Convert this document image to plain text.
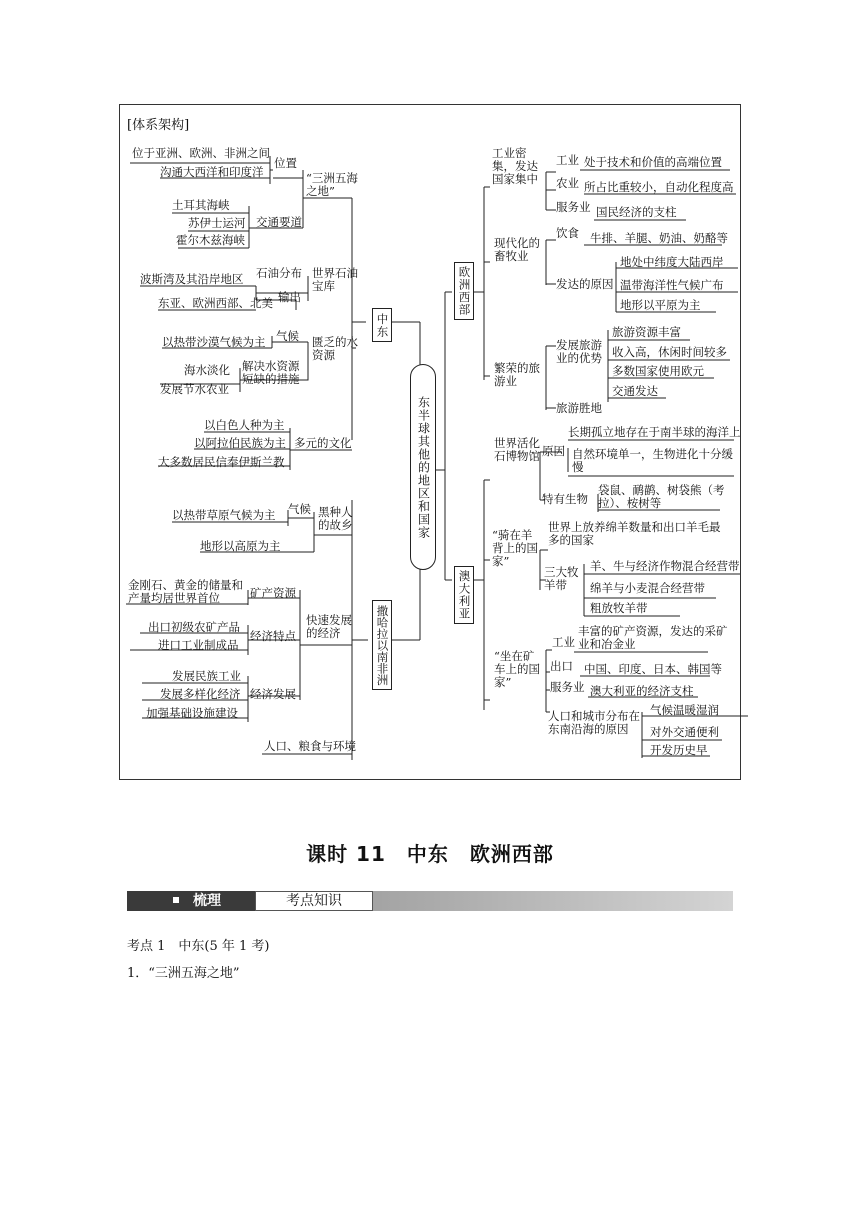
[体系架构]
东半球其他的地区和国家
中东
位于亚洲、欧洲、非洲之间
沟通大西洋和印度洋
位置
“三洲五海之地”
土耳其海峡
苏伊士运河
霍尔木兹海峡
交通要道
波斯湾及其沿岸地区 石油分布 世界石油宝库
东亚、欧洲西部、北美 输出
以热带沙漠气候为主 气候 匮乏的水资源
海水淡化
发展节水农业
解决水资源短缺的措施
以白色人种为主
以阿拉伯民族为主
大多数居民信奉伊斯兰教
多元的文化
撒哈拉以南非洲
以热带草原气候为主 气候 黑种人的故乡
地形以高原为主
金刚石、黄金的储量和产量均居世界首位	矿产资源
出口初级农矿产品
进口工业制成品
经济特点
快速发展的经济
发展民族工业
发展多样化经济
加强基础设施建设
经济发展
人口、粮食与环境
欧洲西部
工业密集，发达国家集中
工业 处于技术和价值的高端位置
农业 所占比重较小，自动化程度高
服务业 国民经济的支柱
现代化的畜牧业
饮食 牛排、羊腿、奶油、奶酪等
发达的原因
地处中纬度大陆西岸
温带海洋性气候广布
地形以平原为主
繁荣的旅游业
发展旅游业的优势
旅游资源丰富
收入高，休闲时间较多
多数国家使用欧元
交通发达
旅游胜地
澳大利亚
世界活化石博物馆 原因
长期孤立地存在于南半球的海洋上
自然环境单一，生物进化十分缓慢
特有生物
袋鼠、鸸鹋、树袋熊（考拉）、桉树等
“骑在羊背上的国家”
世界上放养绵羊数量和出口羊毛最多的国家
三大牧羊带
羊、牛与经济作物混合经营带
绵羊与小麦混合经营带
粗放牧羊带
“坐在矿车上的国家”
工业
丰富的矿产资源，发达的采矿业和冶金业
出口 中国、印度、日本、韩国等
服务业 澳大利亚的经济支柱
人口和城市分布在东南沿海的原因
气候温暖湿润
对外交通便利
开发历史早
课时 11　中东　欧洲西部
梳理	考点知识
考点 1　中东(5 年 1 考)
1．“三洲五海之地”
